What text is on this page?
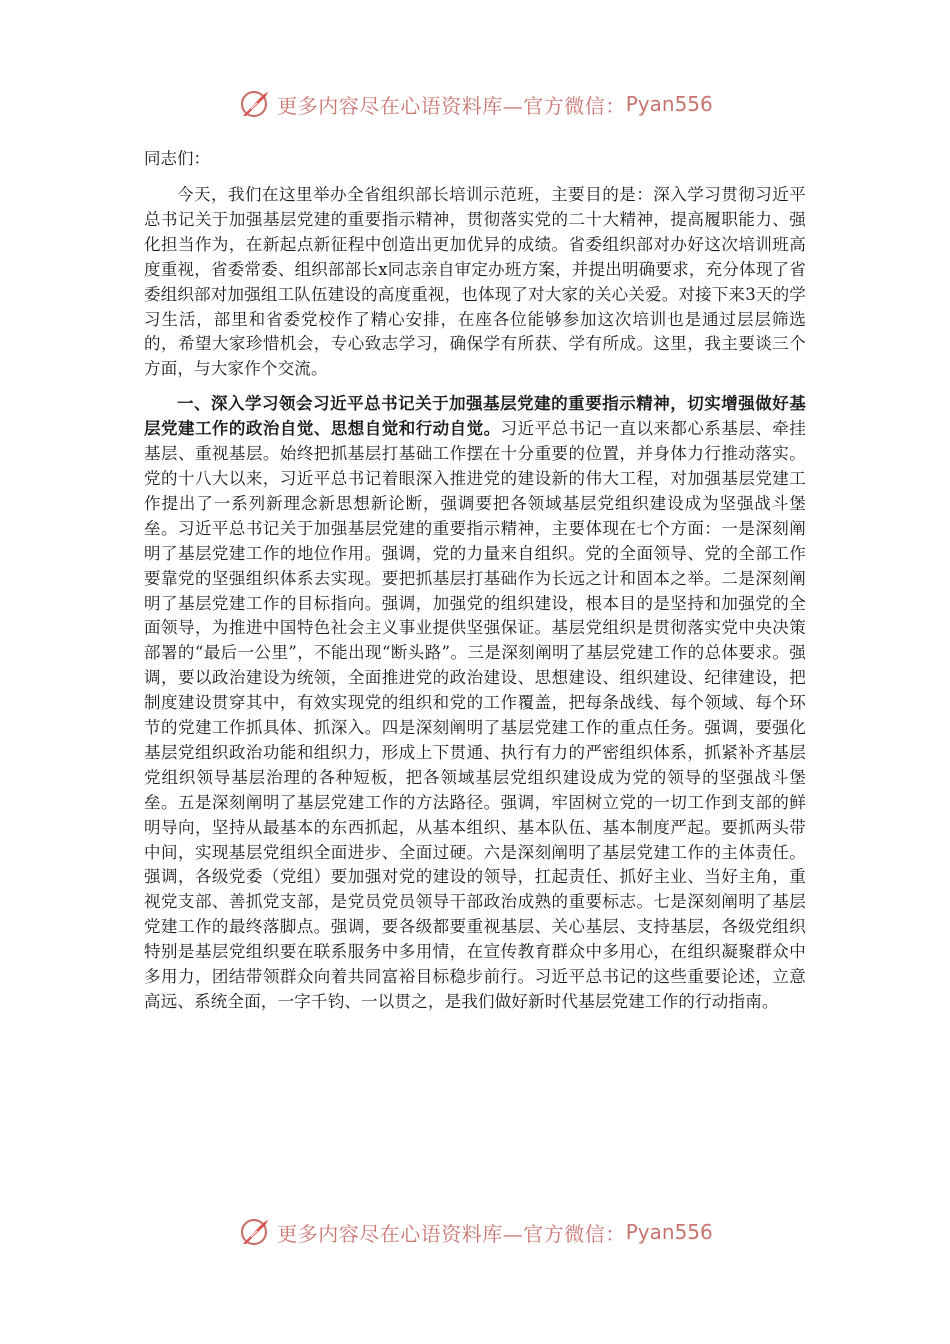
更多内容尽在心语资料库—官方微信： Pyan556

同志们：

今天，我们在这里举办全省组织部长培训示范班，主要目的是：深入学习贯彻习近平总书记关于加强基层党建的重要指示精神，贯彻落实党的二十大精神，提高履职能力、强化担当作为，在新起点新征程中创造出更加优异的成绩。省委组织部对办好这次培训班高度重视，省委常委、组织部部长x同志亲自审定办班方案，并提出明确要求，充分体现了省委组织部对加强组工队伍建设的高度重视，也体现了对大家的关心关爱。对接下来3天的学习生活，部里和省委党校作了精心安排，在座各位能够参加这次培训也是通过层层筛选的，希望大家珍惜机会，专心致志学习，确保学有所获、学有所成。这里，我主要谈三个方面，与大家作个交流。

一、深入学习领会习近平总书记关于加强基层党建的重要指示精神，切实增强做好基层党建工作的政治自觉、思想自觉和行动自觉。习近平总书记一直以来都心系基层、牵挂基层、重视基层。始终把抓基层打基础工作摆在十分重要的位置，并身体力行推动落实。党的十八大以来，习近平总书记着眼深入推进党的建设新的伟大工程，对加强基层党建工作提出了一系列新理念新思想新论断，强调要把各领域基层党组织建设成为坚强战斗堡垒。习近平总书记关于加强基层党建的重要指示精神，主要体现在七个方面：一是深刻阐明了基层党建工作的地位作用。强调，党的力量来自组织。党的全面领导、党的全部工作要靠党的坚强组织体系去实现。要把抓基层打基础作为长远之计和固本之举。二是深刻阐明了基层党建工作的目标指向。强调，加强党的组织建设，根本目的是坚持和加强党的全面领导，为推进中国特色社会主义事业提供坚强保证。基层党组织是贯彻落实党中央决策部署的“最后一公里”，不能出现“断头路”。三是深刻阐明了基层党建工作的总体要求。强调，要以政治建设为统领，全面推进党的政治建设、思想建设、组织建设、纪律建设，把制度建设贯穿其中，有效实现党的组织和党的工作覆盖，把每条战线、每个领域、每个环节的党建工作抓具体、抓深入。四是深刻阐明了基层党建工作的重点任务。强调，要强化基层党组织政治功能和组织力，形成上下贯通、执行有力的严密组织体系，抓紧补齐基层党组织领导基层治理的各种短板，把各领域基层党组织建设成为党的领导的坚强战斗堡垒。五是深刻阐明了基层党建工作的方法路径。强调，牢固树立党的一切工作到支部的鲜明导向，坚持从最基本的东西抓起，从基本组织、基本队伍、基本制度严起。要抓两头带中间，实现基层党组织全面进步、全面过硬。六是深刻阐明了基层党建工作的主体责任。强调，各级党委（党组）要加强对党的建设的领导，扛起责任、抓好主业、当好主角，重视党支部、善抓党支部，是党员党员领导干部政治成熟的重要标志。七是深刻阐明了基层党建工作的最终落脚点。强调，要各级都要重视基层、关心基层、支持基层，各级党组织特别是基层党组织要在联系服务中多用情，在宣传教育群众中多用心，在组织凝聚群众中多用力，团结带领群众向着共同富裕目标稳步前行。习近平总书记的这些重要论述，立意高远、系统全面，一字千钧、一以贯之，是我们做好新时代基层党建工作的行动指南。

更多内容尽在心语资料库—官方微信： Pyan556
